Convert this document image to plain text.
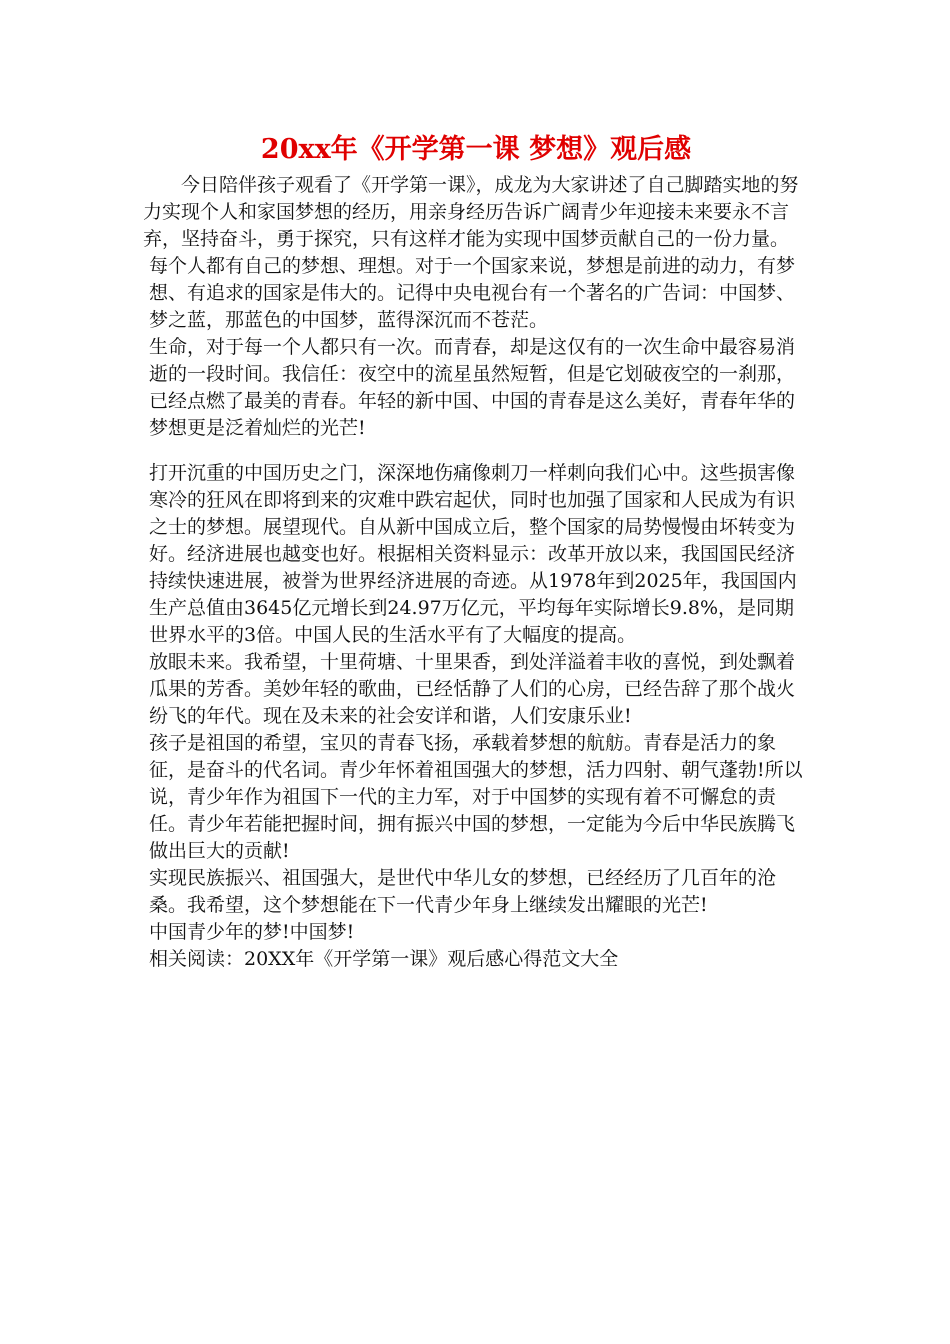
20xx年《开学第一课 梦想》观后感

今日陪伴孩子观看了《开学第一课》，成龙为大家讲述了自己脚踏实地的努力实现个人和家国梦想的经历，用亲身经历告诉广阔青少年迎接未来要永不言弃，坚持奋斗，勇于探究，只有这样才能为实现中国梦贡献自己的一份力量。

每个人都有自己的梦想、理想。对于一个国家来说，梦想是前进的动力，有梦想、有追求的国家是伟大的。记得中央电视台有一个著名的广告词：中国梦、梦之蓝，那蓝色的中国梦，蓝得深沉而不苍茫。

生命，对于每一个人都只有一次。而青春，却是这仅有的一次生命中最容易消逝的一段时间。我信任：夜空中的流星虽然短暂，但是它划破夜空的一刹那，已经点燃了最美的青春。年轻的新中国、中国的青春是这么美好，青春年华的梦想更是泛着灿烂的光芒!

打开沉重的中国历史之门，深深地伤痛像刺刀一样刺向我们心中。这些损害像寒冷的狂风在即将到来的灾难中跌宕起伏，同时也加强了国家和人民成为有识之士的梦想。展望现代。自从新中国成立后，整个国家的局势慢慢由坏转变为好。经济进展也越变也好。根据相关资料显示：改革开放以来，我国国民经济持续快速进展，被誉为世界经济进展的奇迹。从1978年到2025年，我国国内生产总值由3645亿元增长到24.97万亿元，平均每年实际增长9.8%，是同期世界水平的3倍。中国人民的生活水平有了大幅度的提高。

放眼未来。我希望，十里荷塘、十里果香，到处洋溢着丰收的喜悦，到处飘着瓜果的芳香。美妙年轻的歌曲，已经恬静了人们的心房，已经告辞了那个战火纷飞的年代。现在及未来的社会安详和谐，人们安康乐业!

孩子是祖国的希望，宝贝的青春飞扬，承载着梦想的航舫。青春是活力的象征，是奋斗的代名词。青少年怀着祖国强大的梦想，活力四射、朝气蓬勃!所以说，青少年作为祖国下一代的主力军，对于中国梦的实现有着不可懈怠的责任。青少年若能把握时间，拥有振兴中国的梦想，一定能为今后中华民族腾飞做出巨大的贡献!

实现民族振兴、祖国强大，是世代中华儿女的梦想，已经经历了几百年的沧桑。我希望，这个梦想能在下一代青少年身上继续发出耀眼的光芒!

中国青少年的梦!中国梦!

相关阅读：20XX年《开学第一课》观后感心得范文大全
